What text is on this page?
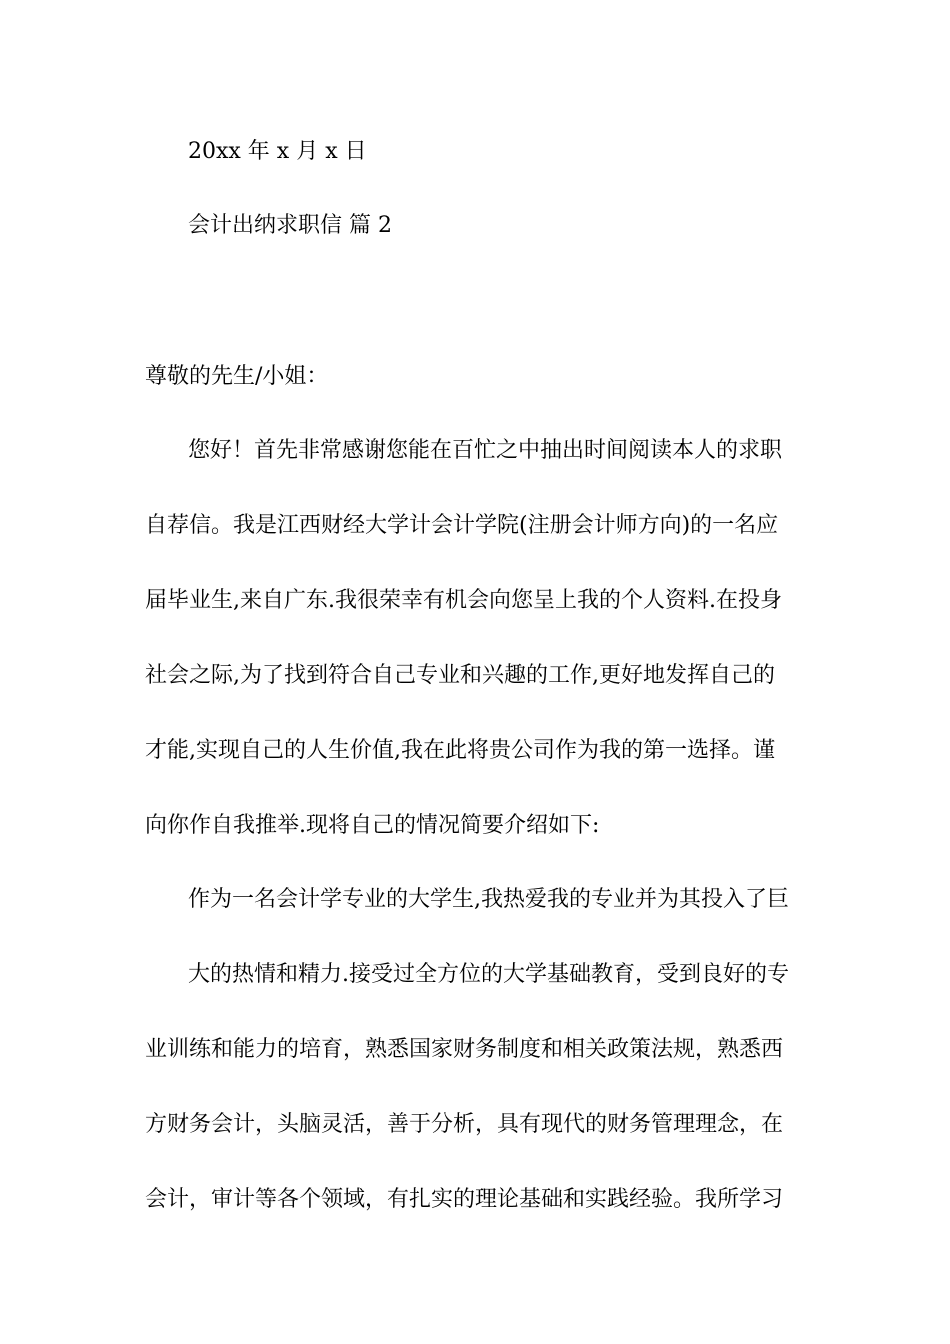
20xx 年 x 月 x 日
会计出纳求职信 篇 2
尊敬的先生/小姐：
您好！首先非常感谢您能在百忙之中抽出时间阅读本人的求职
自荐信。我是江西财经大学计会计学院(注册会计师方向)的一名应
届毕业生,来自广东.我很荣幸有机会向您呈上我的个人资料.在投身
社会之际,为了找到符合自己专业和兴趣的工作,更好地发挥自己的
才能,实现自己的人生价值,我在此将贵公司作为我的第一选择。谨
向你作自我推举.现将自己的情况简要介绍如下:
作为一名会计学专业的大学生,我热爱我的专业并为其投入了巨
大的热情和精力.接受过全方位的大学基础教育，受到良好的专
业训练和能力的培育，熟悉国家财务制度和相关政策法规，熟悉西
方财务会计，头脑灵活，善于分析，具有现代的财务管理理念，在
会计，审计等各个领域，有扎实的理论基础和实践经验。我所学习
